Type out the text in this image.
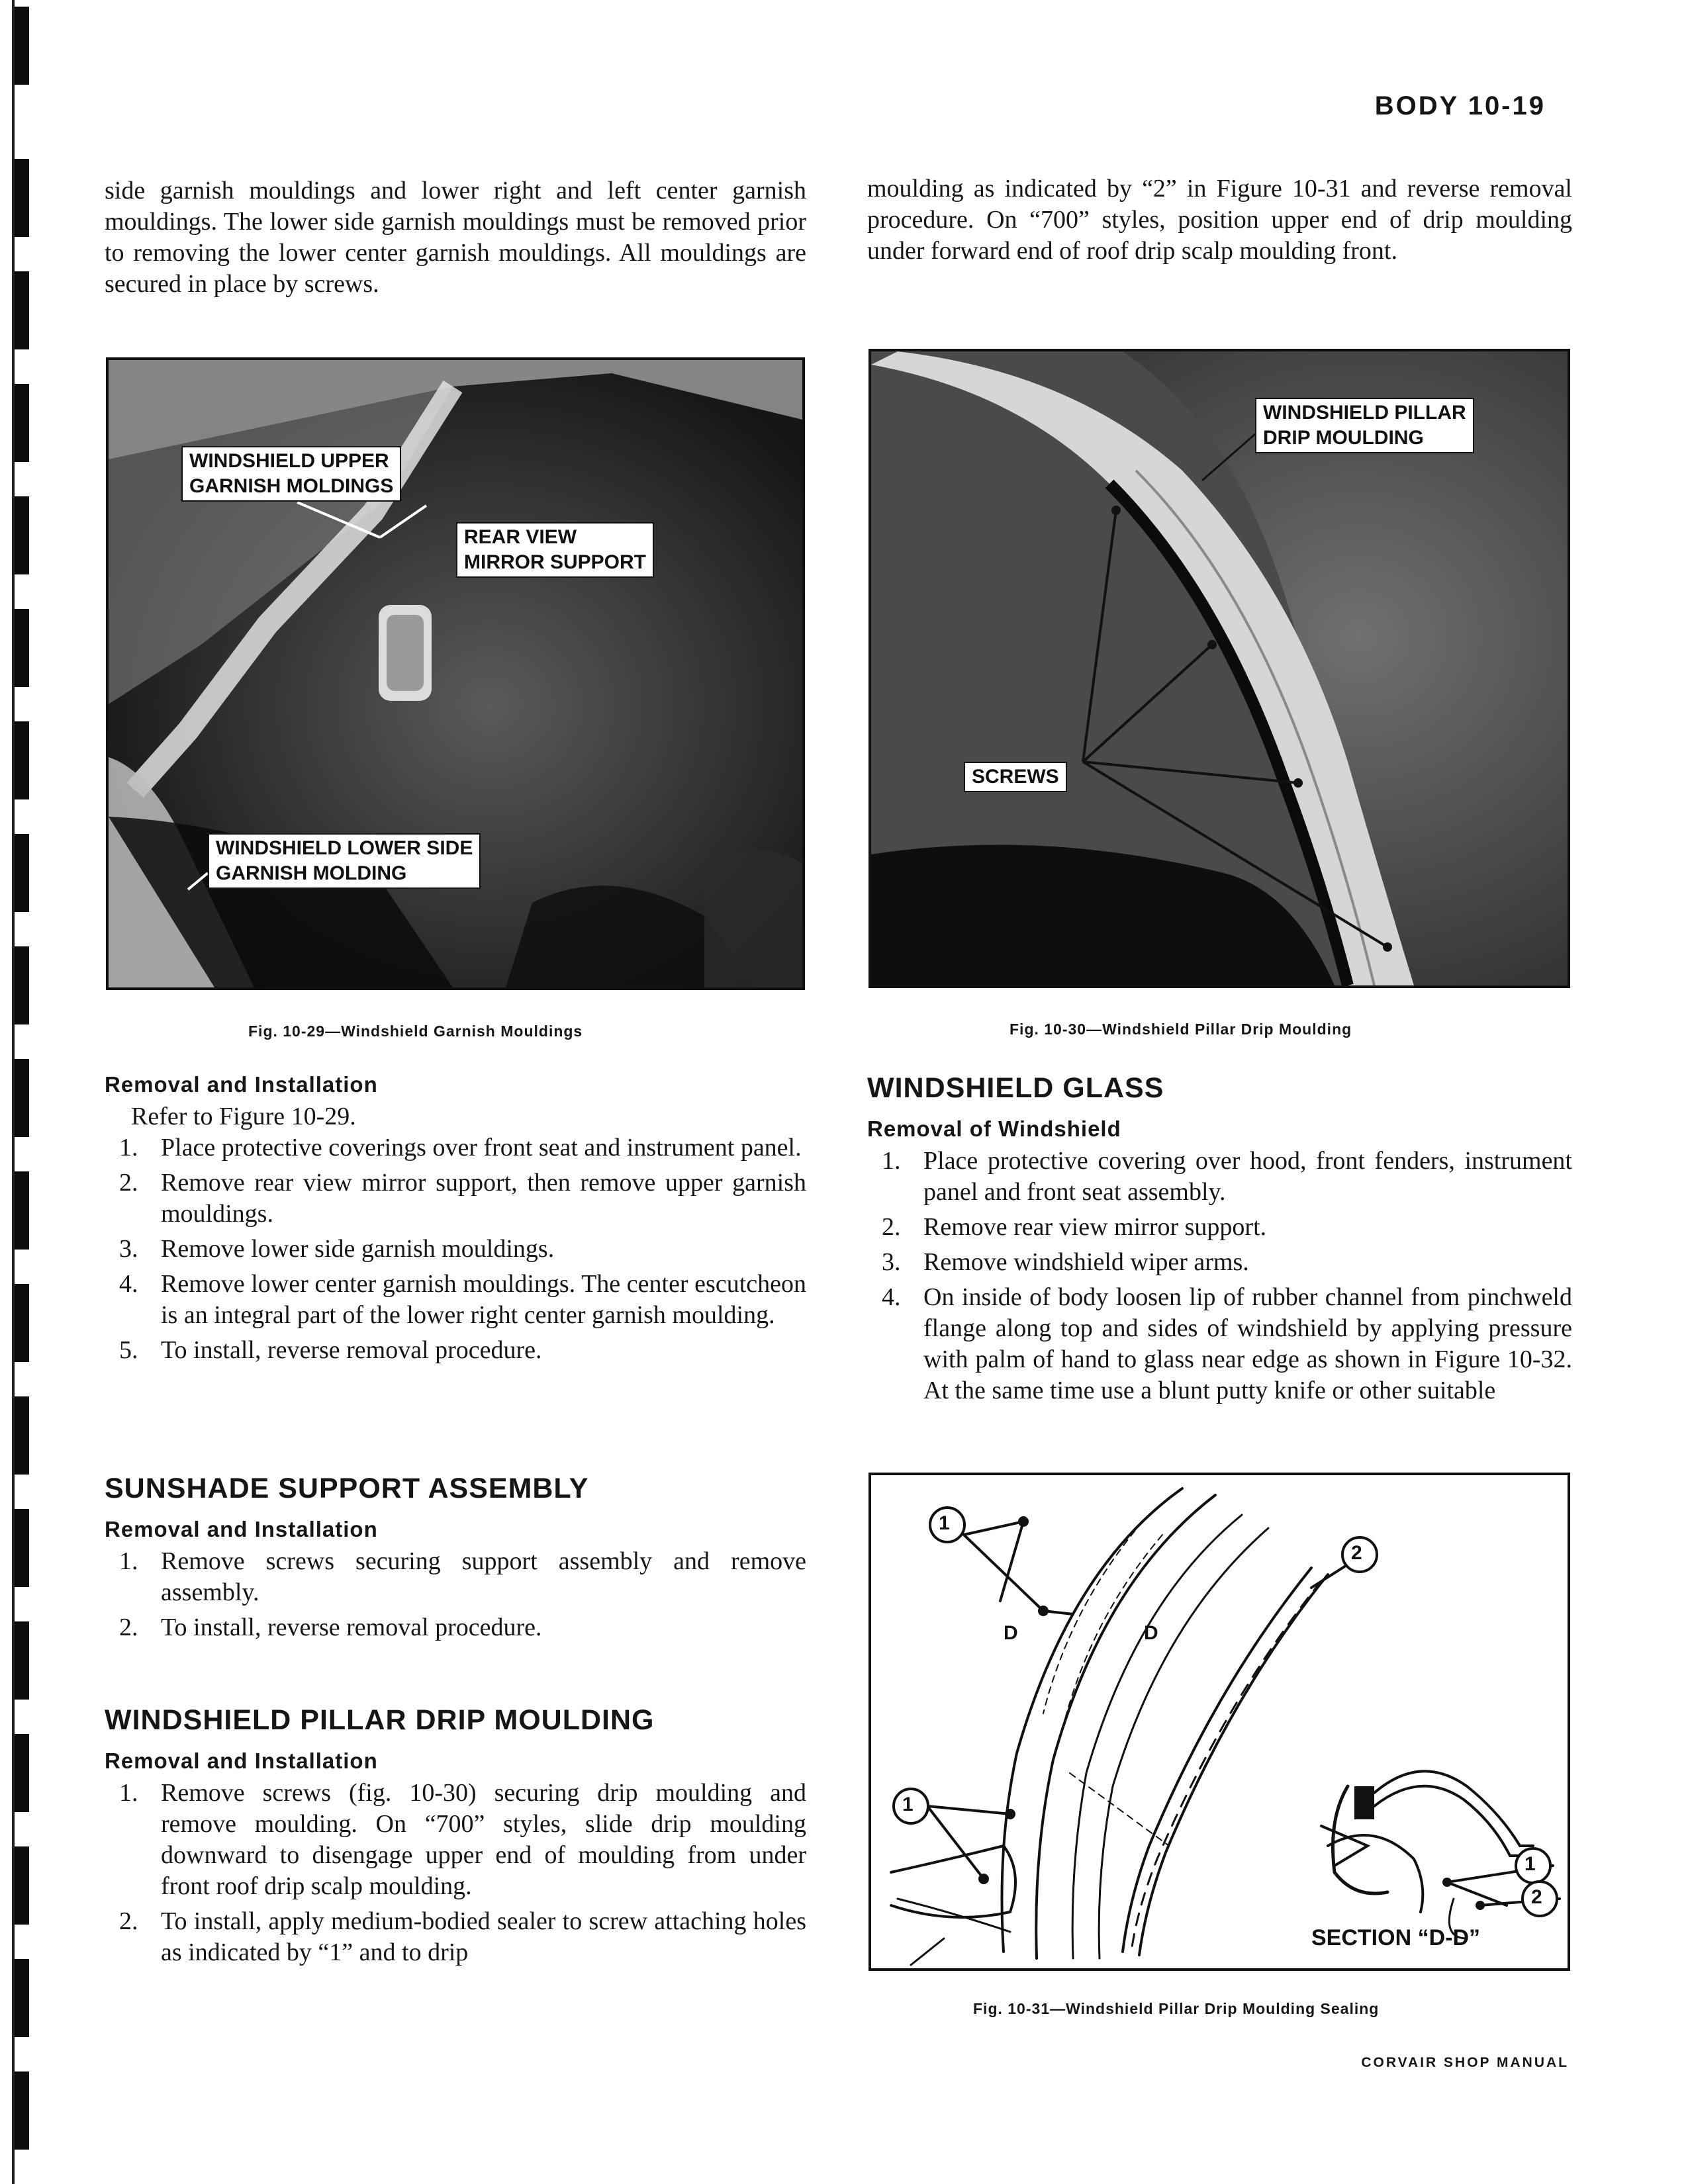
BODY 10-19

side garnish mouldings and lower right and left center garnish mouldings. The lower side garnish mouldings must be removed prior to removing the lower center garnish mouldings. All mouldings are secured in place by screws.

WINDSHIELD UPPER
GARNISH MOLDINGS
REAR VIEW
MIRROR SUPPORT
WINDSHIELD LOWER SIDE
GARNISH MOLDING
Fig. 10-29—Windshield Garnish Mouldings
Removal and Installation
Refer to Figure 10-29.
1. Place protective coverings over front seat and instrument panel.
2. Remove rear view mirror support, then remove upper garnish mouldings.
3. Remove lower side garnish mouldings.
4. Remove lower center garnish mouldings. The center escutcheon is an integral part of the lower right center garnish moulding.
5. To install, reverse removal procedure.
SUNSHADE SUPPORT ASSEMBLY
Removal and Installation
1. Remove screws securing support assembly and remove assembly.
2. To install, reverse removal procedure.
WINDSHIELD PILLAR DRIP MOULDING
Removal and Installation
1. Remove screws (fig. 10-30) securing drip moulding and remove moulding. On “700” styles, slide drip moulding downward to disengage upper end of moulding from under front roof drip scalp moulding.
2. To install, apply medium-bodied sealer to screw attaching holes as indicated by “1” and to drip

moulding as indicated by “2” in Figure 10-31 and reverse removal procedure. On “700” styles, position upper end of drip moulding under forward end of roof drip scalp moulding front.

WINDSHIELD PILLAR
DRIP MOULDING
SCREWS
Fig. 10-30—Windshield Pillar Drip Moulding
WINDSHIELD GLASS
Removal of Windshield
1. Place protective covering over hood, front fenders, instrument panel and front seat assembly.
2. Remove rear view mirror support.
3. Remove windshield wiper arms.
4. On inside of body loosen lip of rubber channel from pinchweld flange along top and sides of windshield by applying pressure with palm of hand to glass near edge as shown in Figure 10-32. At the same time use a blunt putty knife or other suitable
1
2
1
1
2
D	D
SECTION “D-D”
Fig. 10-31—Windshield Pillar Drip Moulding Sealing
CORVAIR SHOP MANUAL
